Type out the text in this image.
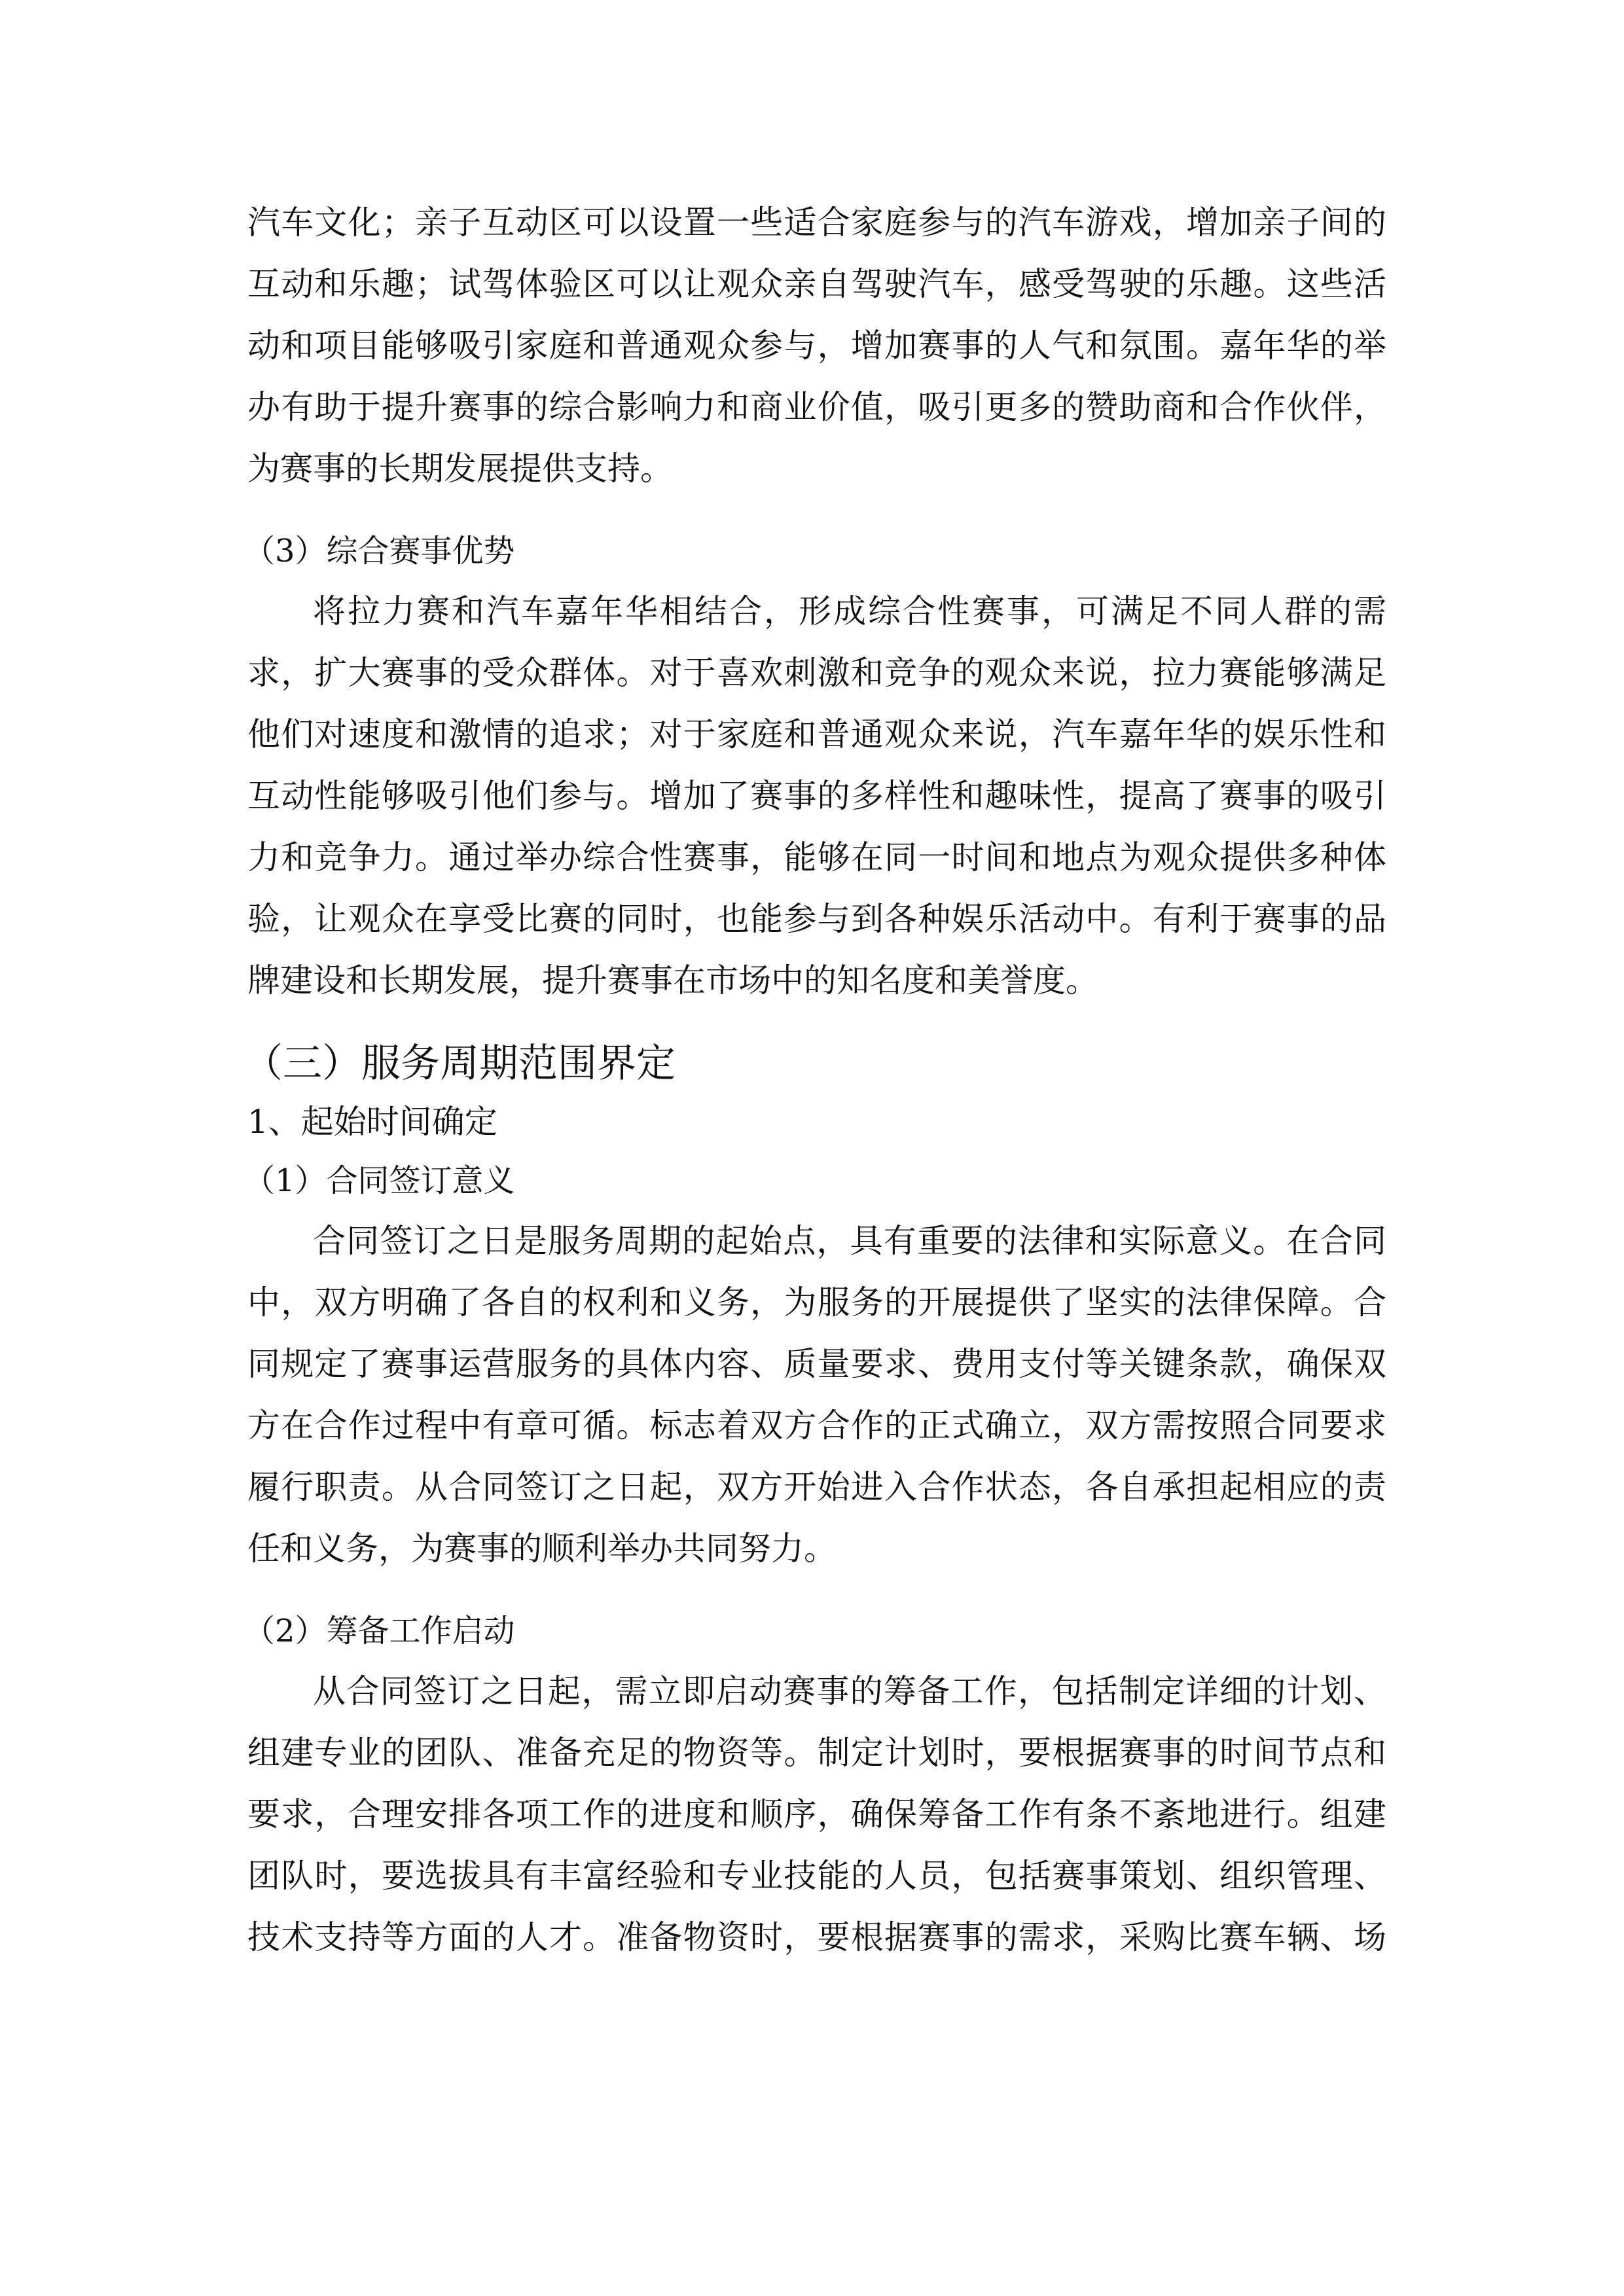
汽车文化；亲子互动区可以设置一些适合家庭参与的汽车游戏，增加亲子间的
互动和乐趣；试驾体验区可以让观众亲自驾驶汽车，感受驾驶的乐趣。这些活
动和项目能够吸引家庭和普通观众参与，增加赛事的人气和氛围。嘉年华的举
办有助于提升赛事的综合影响力和商业价值，吸引更多的赞助商和合作伙伴，
为赛事的长期发展提供支持。
（3）综合赛事优势
将拉力赛和汽车嘉年华相结合，形成综合性赛事，可满足不同人群的需
求，扩大赛事的受众群体。对于喜欢刺激和竞争的观众来说，拉力赛能够满足
他们对速度和激情的追求；对于家庭和普通观众来说，汽车嘉年华的娱乐性和
互动性能够吸引他们参与。增加了赛事的多样性和趣味性，提高了赛事的吸引
力和竞争力。通过举办综合性赛事，能够在同一时间和地点为观众提供多种体
验，让观众在享受比赛的同时，也能参与到各种娱乐活动中。有利于赛事的品
牌建设和长期发展，提升赛事在市场中的知名度和美誉度。
（三）服务周期范围界定
1、起始时间确定
（1）合同签订意义
合同签订之日是服务周期的起始点，具有重要的法律和实际意义。在合同
中，双方明确了各自的权利和义务，为服务的开展提供了坚实的法律保障。合
同规定了赛事运营服务的具体内容、质量要求、费用支付等关键条款，确保双
方在合作过程中有章可循。标志着双方合作的正式确立，双方需按照合同要求
履行职责。从合同签订之日起，双方开始进入合作状态，各自承担起相应的责
任和义务，为赛事的顺利举办共同努力。
（2）筹备工作启动
从合同签订之日起，需立即启动赛事的筹备工作，包括制定详细的计划、
组建专业的团队、准备充足的物资等。制定计划时，要根据赛事的时间节点和
要求，合理安排各项工作的进度和顺序，确保筹备工作有条不紊地进行。组建
团队时，要选拔具有丰富经验和专业技能的人员，包括赛事策划、组织管理、
技术支持等方面的人才。准备物资时，要根据赛事的需求，采购比赛车辆、场
